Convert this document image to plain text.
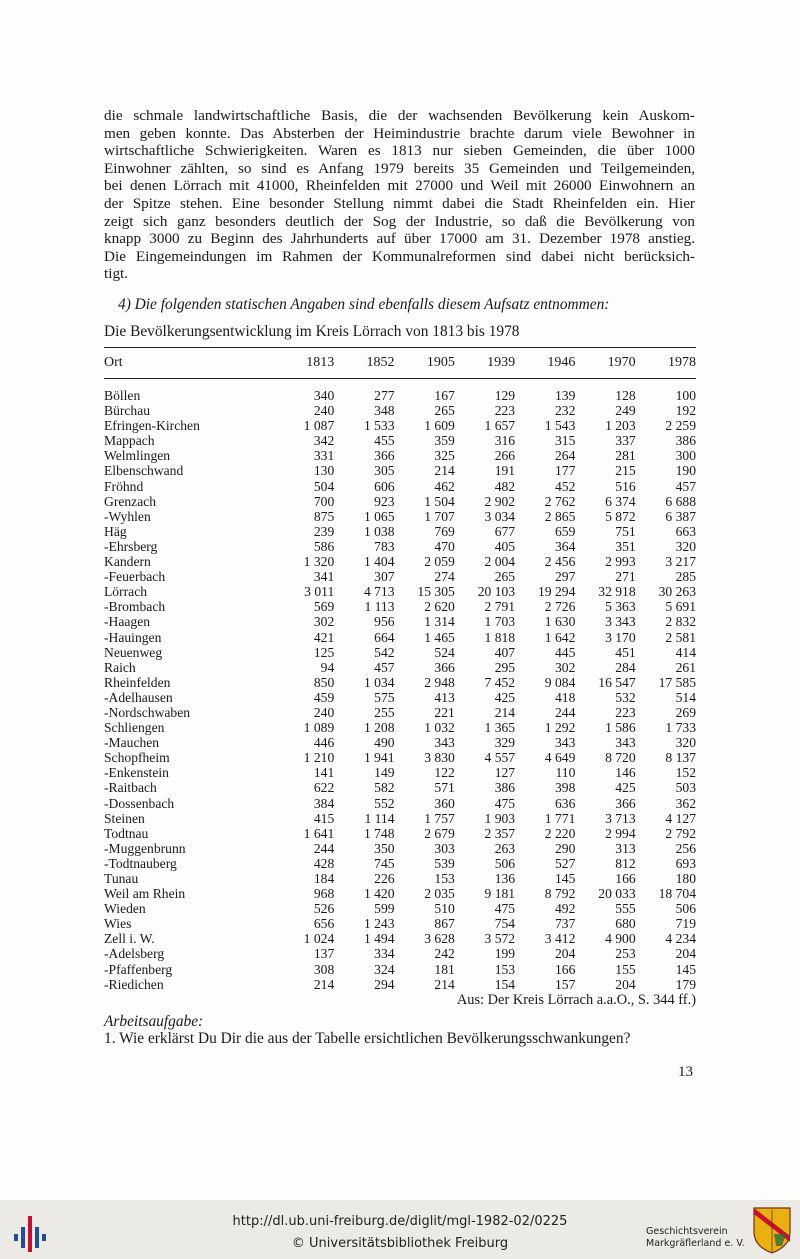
die schmale landwirtschaftliche Basis, die der wachsenden Bevölkerung kein Auskom-
men geben konnte. Das Absterben der Heimindustrie brachte darum viele Bewohner in
wirtschaftliche Schwierigkeiten. Waren es 1813 nur sieben Gemeinden, die über 1000
Einwohner zählten, so sind es Anfang 1979 bereits 35 Gemeinden und Teilgemeinden,
bei denen Lörrach mit 41000, Rheinfelden mit 27000 und Weil mit 26000 Einwohnern an
der Spitze stehen. Eine besonder Stellung nimmt dabei die Stadt Rheinfelden ein. Hier
zeigt sich ganz besonders deutlich der Sog der Industrie, so daß die Bevölkerung von
knapp 3000 zu Beginn des Jahrhunderts auf über 17000 am 31. Dezember 1978 anstieg.
Die Eingemeindungen im Rahmen der Kommunalreformen sind dabei nicht berücksich-
tigt.

4) Die folgenden statischen Angaben sind ebenfalls diesem Aufsatz entnommen:
Die Bevölkerungsentwicklung im Kreis Lörrach von 1813 bis 1978
Ort	1813	1852	1905	1939	1946	1970	1978
Böllen	340	277	167	129	139	128	100
Bürchau	240	348	265	223	232	249	192
Efringen-Kirchen	1 087	1 533	1 609	1 657	1 543	1 203	2 259
Mappach	342	455	359	316	315	337	386
Welmlingen	331	366	325	266	264	281	300
Elbenschwand	130	305	214	191	177	215	190
Fröhnd	504	606	462	482	452	516	457
Grenzach	700	923	1 504	2 902	2 762	6 374	6 688
-Wyhlen	875	1 065	1 707	3 034	2 865	5 872	6 387
Häg	239	1 038	769	677	659	751	663
-Ehrsberg	586	783	470	405	364	351	320
Kandern	1 320	1 404	2 059	2 004	2 456	2 993	3 217
-Feuerbach	341	307	274	265	297	271	285
Lörrach	3 011	4 713	15 305	20 103	19 294	32 918	30 263
-Brombach	569	1 113	2 620	2 791	2 726	5 363	5 691
-Haagen	302	956	1 314	1 703	1 630	3 343	2 832
-Hauingen	421	664	1 465	1 818	1 642	3 170	2 581
Neuenweg	125	542	524	407	445	451	414
Raich	94	457	366	295	302	284	261
Rheinfelden	850	1 034	2 948	7 452	9 084	16 547	17 585
-Adelhausen	459	575	413	425	418	532	514
-Nordschwaben	240	255	221	214	244	223	269
Schliengen	1 089	1 208	1 032	1 365	1 292	1 586	1 733
-Mauchen	446	490	343	329	343	343	320
Schopfheim	1 210	1 941	3 830	4 557	4 649	8 720	8 137
-Enkenstein	141	149	122	127	110	146	152
-Raitbach	622	582	571	386	398	425	503
-Dossenbach	384	552	360	475	636	366	362
Steinen	415	1 114	1 757	1 903	1 771	3 713	4 127
Todtnau	1 641	1 748	2 679	2 357	2 220	2 994	2 792
-Muggenbrunn	244	350	303	263	290	313	256
-Todtnauberg	428	745	539	506	527	812	693
Tunau	184	226	153	136	145	166	180
Weil am Rhein	968	1 420	2 035	9 181	8 792	20 033	18 704
Wieden	526	599	510	475	492	555	506
Wies	656	1 243	867	754	737	680	719
Zell i. W.	1 024	1 494	3 628	3 572	3 412	4 900	4 234
-Adelsberg	137	334	242	199	204	253	204
-Pfaffenberg	308	324	181	153	166	155	145
-Riedichen	214	294	214	154	157	204	179
Aus: Der Kreis Lörrach a.a.O., S. 344 ff.)
Arbeitsaufgabe:
1. Wie erklärst Du Dir die aus der Tabelle ersichtlichen Bevölkerungsschwankungen?
13
http://dl.ub.uni-freiburg.de/diglit/mgl-1982-02/0225
© Universitätsbibliothek Freiburg
Geschichtsverein
Markgräflerland e. V.
